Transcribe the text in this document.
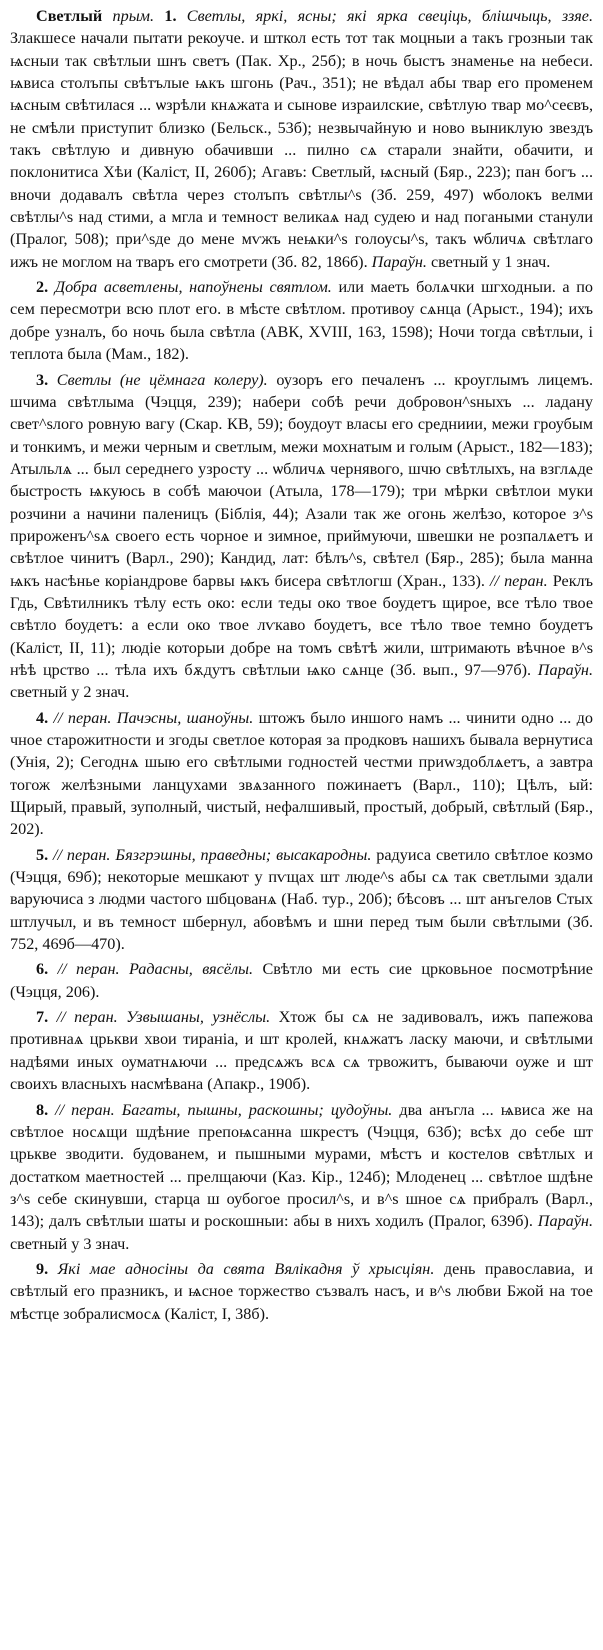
Светлый прым. 1. Светлы, яркі, ясны; які ярка свеціць, блішчыць, ззяе. Злакшесе начали пытати рекоуче. и шткол есть тот так моцныи а такъ грозныи так ѩсныи так свѣтлыи шнъ светъ (Пак. Хр., 25б); в ночь быстъ знаменье на небеси. ѩвиса столъпы свѣтълые ѩкъ шгонь (Рач., 351); не вѣдал абы твар его променем ѩсным свѣтилася ... ѡзрѣли кнѧжата и сынове израилские, свѣтлую твар мо^сеєвъ, не смѣли приступит близко (Бельск., 53б); незвычайную и ново выниклую звездъ такъ свѣтлую и дивную обачивши ... пилно сѧ старали знайти, обачити, и поклонитиса Хѣи (Каліст, II, 260б); Агавъ: Светлый, ѩсный (Бяр., 223); пан богъ ... вночи додавалъ свѣтла через столъпъ свѣтлы^s (Зб. 259, 497) ѡболокъ велми свѣтлы^s над стими, а мгла и темност великаѧ над судею и над погаными станули (Пралог, 508); при^sде до мене мѵжъ неѩки^s голоусы^s, такъ ѡбличѧ свѣтлаго ижъ не моглом на тваръ его смотрети (Зб. 82, 186б). Параўн. светный у 1 знач.

2. Добра асветлены, напоўнены святлом. или маеть болѧчки шгходныи. а по сем пересмотри всю плот его. в мѣсте свѣтлом. противоу сѧнца (Арыст., 194); ихъ добре узналъ, бо ночь была свѣтла (АВК, XVIII, 163, 1598); Ночи тогда свѣтлыи, і теплота была (Мам., 182).

3. Светлы (не цёмнага колеру). оузоръ его печаленъ ... кроуглымъ лицемъ. шчима свѣтлыма (Чэцця, 239); набери собѣ речи добровон^sныхъ ... ладану свет^sлого ровную вагу (Скар. КВ, 59); боудоут власы его средниии, межи гроубым и тонкимъ, и межи черным и светлым, межи мохнатым и голым (Арыст., 182—183); Атыльлѧ ... был середнего узросту ... ѡбличѧ чернявого, шчю свѣтлыхъ, на взглѧде быстрость ѩкуюсь в собѣ маючои (Атыла, 178—179); три мѣрки свѣтлои муки розчини а начини паленицъ (Біблія, 44); Азали так же огонь желѣзо, которое з^s прироженъ^sѧ своего есть чорное и зимное, приймуючи, швешки не розпалѧетъ и свѣтлое чинитъ (Варл., 290); Кандид, лат: бѣлъ^s, свѣтел (Бяр., 285); была манна ѩкъ насѣнье коріандрове барвы ѩкъ бисера свѣтлогш (Хран., 133). // перан. Реклъ Гдь, Свѣтилникъ тѣлу есть око: если теды око твое боудетъ щирое, все тѣло твое свѣтло боудетъ: а если око твое лѵкаво боудетъ, все тѣло твое темно боудетъ (Каліст, II, 11); людіе которыи добре на томъ свѣтѣ жили, штримають вѣчное в^s нѣѣ црство ... тѣла ихъ бѫдутъ свѣтлыи ѩко сѧнце (Зб. вып., 97—97б). Параўн. светный у 2 знач.

4. // перан. Пачэсны, шаноўны. штожъ было иншого намъ ... чинити одно ... до чное старожитности и згоды светлое которая за продковъ нашихъ бывала вернутиса (Унія, 2); Сегоднѧ шыю его свѣтлыми годностей честми приwздоблѧетъ, а завтра тогож желѣзными ланцухами звѧзанного пожинаетъ (Варл., 110); Цѣлъ, ый: Щирый, правый, зуполный, чистый, нефалшивый, простый, добрый, свѣтлый (Бяр., 202).

5. // перан. Бязгрэшны, праведны; высакародны. радуиса светило свѣтлое козмо (Чэцця, 69б); некоторые мешкают у пѵщах шт люде^s абы сѧ так светлыми здали варуючиса з людми частого шбцованѧ (Наб. тур., 20б); бѣсовъ ... шт анъгелов Стых штлучыл, и въ темност шбернул, абовѣмъ и шни перед тым были свѣтлыми (Зб. 752, 469б—470).

6. // перан. Радасны, вясёлы. Свѣтло ми есть сие црковьное посмотрѣние (Чэцця, 206).

7. // перан. Узвышаны, узнёслы. Хтож бы сѧ не задивовалъ, ижъ папежова противнаѧ црькви хвои тираніа, и шт кролей, кнѧжатъ ласку маючи, и свѣтлыми надѣями иных оуматнѧючи ... предсѧжъ всѧ сѧ трвожитъ, бываючи оуже и шт своихъ власныхъ насмѣвана (Апакр., 190б).

8. // перан. Багаты, пышны, раскошны; цудоўны. два анъгла ... ѩвиса же на свѣтлое носѧщи шдѣние препоѩсанна шкрестъ (Чэцця, 63б); всѣх до себе шт црькве зводити. будованем, и пышными мурами, мѣстъ и костелов свѣтлых и достатком маетностей ... прелщаючи (Каз. Кір., 124б); Млоденец ... свѣтлое шдѣне з^s себе скинувши, старца ш оубогое просил^s, и в^s шное сѧ прибралъ (Варл., 143); далъ свѣтлыи шаты и роскошныи: абы в нихъ ходилъ (Пралог, 639б). Параўн. светный у 3 знач.

9. Які мае адносіны да свята Вялікадня ў хрысціян. день православиа, и свѣтлый его празникъ, и ѩсное торжество съзвалъ насъ, и в^s любви Бжой на тое мѣстце зобралисмосѧ (Каліст, I, 38б).
